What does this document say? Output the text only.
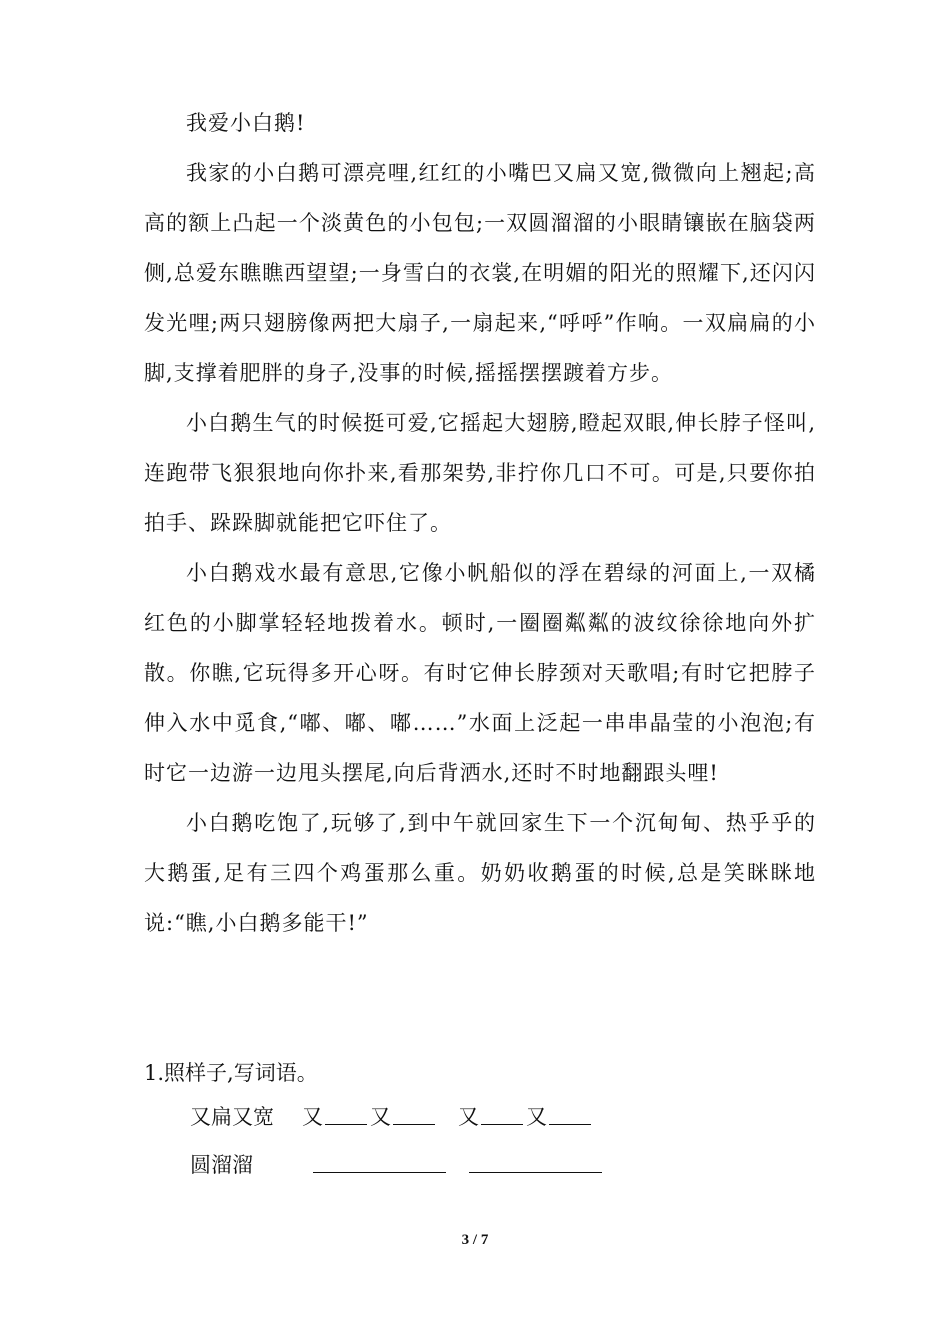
我爱小白鹅!

我家的小白鹅可漂亮哩,红红的小嘴巴又扁又宽,微微向上翘起;高高的额上凸起一个淡黄色的小包包;一双圆溜溜的小眼睛镶嵌在脑袋两侧,总爱东瞧瞧西望望;一身雪白的衣裳,在明媚的阳光的照耀下,还闪闪发光哩;两只翅膀像两把大扇子,一扇起来,“呼呼”作响。一双扁扁的小脚,支撑着肥胖的身子,没事的时候,摇摇摆摆踱着方步。

小白鹅生气的时候挺可爱,它摇起大翅膀,瞪起双眼,伸长脖子怪叫,连跑带飞狠狠地向你扑来,看那架势,非拧你几口不可。可是,只要你拍拍手、跺跺脚就能把它吓住了。

小白鹅戏水最有意思,它像小帆船似的浮在碧绿的河面上,一双橘红色的小脚掌轻轻地拨着水。顿时,一圈圈粼粼的波纹徐徐地向外扩散。你瞧,它玩得多开心呀。有时它伸长脖颈对天歌唱;有时它把脖子伸入水中觅食,“嘟、嘟、嘟……”水面上泛起一串串晶莹的小泡泡;有时它一边游一边甩头摆尾,向后背洒水,还时不时地翻跟头哩!

小白鹅吃饱了,玩够了,到中午就回家生下一个沉甸甸、热乎乎的大鹅蛋,足有三四个鸡蛋那么重。奶奶收鹅蛋的时候,总是笑眯眯地说:“瞧,小白鹅多能干!”

1.照样子,写词语。
又扁又宽 又 又	又 又
圆溜溜
3 / 7
